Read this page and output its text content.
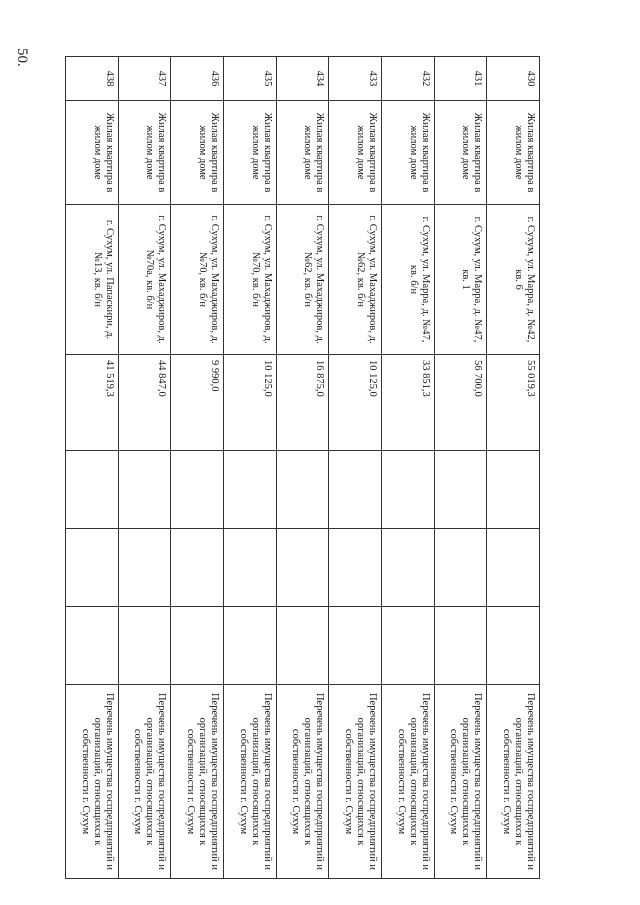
50.
430	Жилая квартира в жилом доме	г. Сухум, ул. Марра, д. №42, кв. 6	55 019,3				Перечень имущества госпредприятий и организаций, относящихся к собственности г. Сухум
431	Жилая квартира в жилом доме	г. Сухум, ул. Марра, д. №47, кв. 1	56 700,0				Перечень имущества госпредприятий и организаций, относящихся к собственности г. Сухум
432	Жилая квартира в жилом доме	г. Сухум, ул. Марра, д. №47, кв. б/н	33 851,3				Перечень имущества госпредприятий и организаций, относящихся к собственности г. Сухум
433	Жилая квартира в жилом доме	г. Сухум, ул. Махаджиров, д. №62, кв. б/н	10 125,0				Перечень имущества госпредприятий и организаций, относящихся к собственности г. Сухум
434	Жилая квартира в жилом доме	г. Сухум, ул. Махаджиров, д. №62, кв. б/н	16 875,0				Перечень имущества госпредприятий и организаций, относящихся к собственности г. Сухум
435	Жилая квартира в жилом доме	г. Сухум, ул. Махаджиров, д. №70, кв. б/н	10 125,0				Перечень имущества госпредприятий и организаций, относящихся к собственности г. Сухум
436	Жилая квартира в жилом доме	г. Сухум, ул. Махаджиров, д. №70, кв. б/н	9 990,0				Перечень имущества госпредприятий и организаций, относящихся к собственности г. Сухум
437	Жилая квартира в жилом доме	г. Сухум, ул. Махаджиров, д. №70а, кв. б/н	44 847,0				Перечень имущества госпредприятий и организаций, относящихся к собственности г. Сухум
438	Жилая квартира в жилом доме	г. Сухум, ул. Папаскири, д. №13, кв. б/н	41 519,3				Перечень имущества госпредприятий и организаций, относящихся к собственности г. Сухум
